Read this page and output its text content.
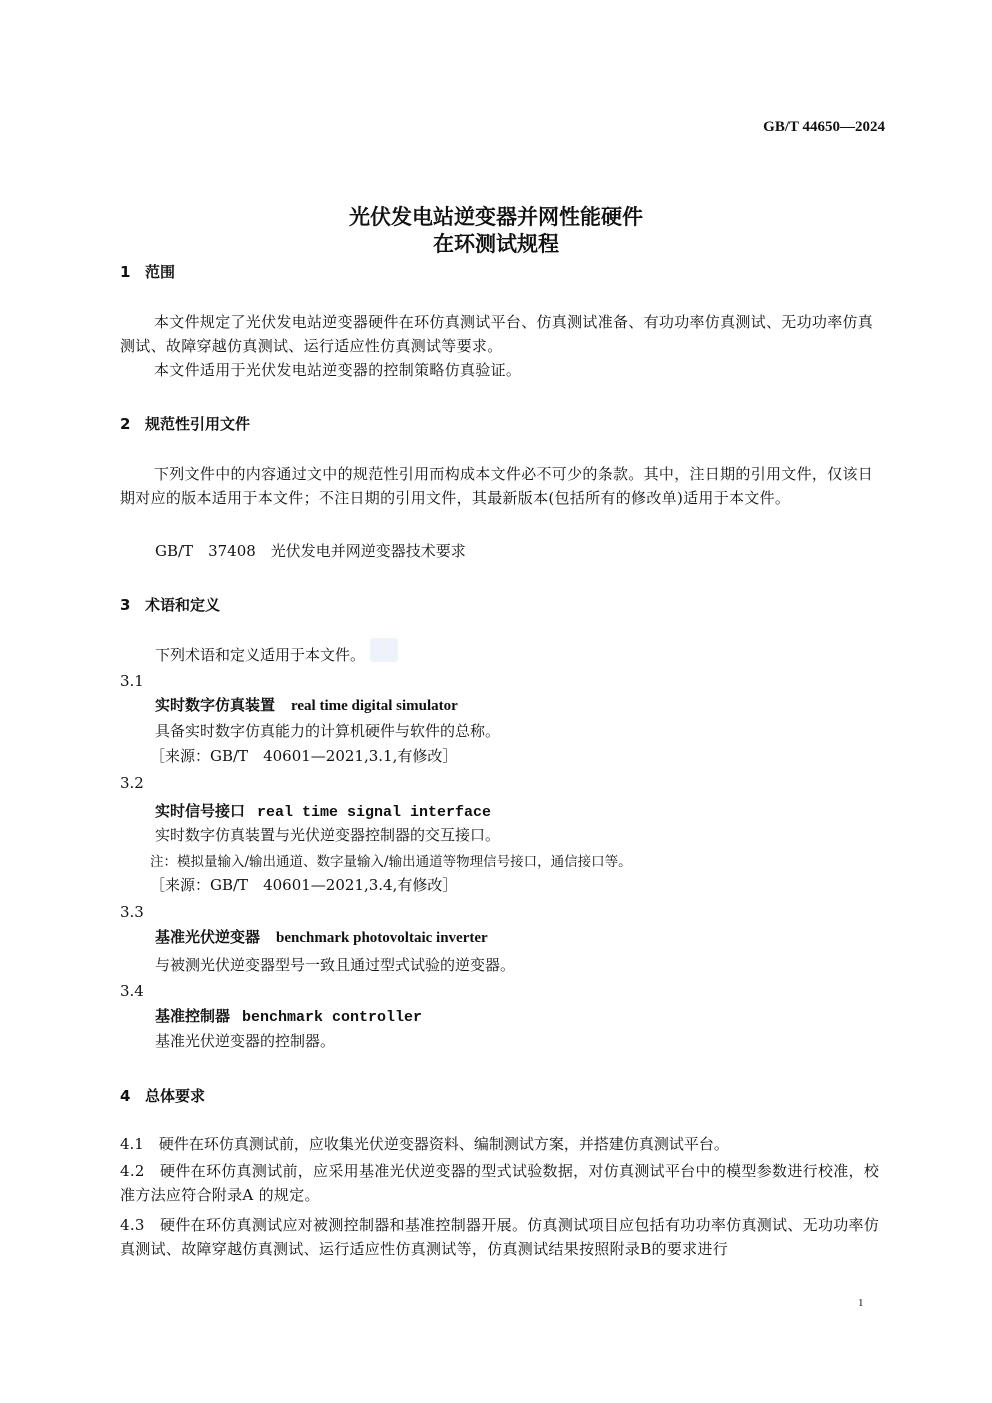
GB/T 44650—2024
光伏发电站逆变器并网性能硬件
在环测试规程
1 范围
本文件规定了光伏发电站逆变器硬件在环仿真测试平台、仿真测试准备、有功功率仿真测试、无功功率仿真测试、故障穿越仿真测试、运行适应性仿真测试等要求。
本文件适用于光伏发电站逆变器的控制策略仿真验证。
2 规范性引用文件
下列文件中的内容通过文中的规范性引用而构成本文件必不可少的条款。其中，注日期的引用文件，仅该日期对应的版本适用于本文件；不注日期的引用文件，其最新版本(包括所有的修改单)适用于本文件。
GB/T　37408　光伏发电并网逆变器技术要求
3 术语和定义
下列术语和定义适用于本文件。
3.1
实时数字仿真装置 real time digital simulator
具备实时数字仿真能力的计算机硬件与软件的总称。
［来源：GB/T　40601—2021,3.1,有修改］
3.2
实时信号接口 real time signal interface
实时数字仿真装置与光伏逆变器控制器的交互接口。
注：模拟量输入/输出通道、数字量输入/输出通道等物理信号接口，通信接口等。
［来源：GB/T　40601—2021,3.4,有修改］
3.3
基准光伏逆变器 benchmark photovoltaic inverter
与被测光伏逆变器型号一致且通过型式试验的逆变器。
3.4
基准控制器 benchmark controller
基准光伏逆变器的控制器。
4 总体要求
4.1　硬件在环仿真测试前，应收集光伏逆变器资料、编制测试方案，并搭建仿真测试平台。
4.2　硬件在环仿真测试前，应采用基准光伏逆变器的型式试验数据，对仿真测试平台中的模型参数进行校准，校准方法应符合附录A 的规定。
4.3　硬件在环仿真测试应对被测控制器和基准控制器开展。仿真测试项目应包括有功功率仿真测试、无功功率仿真测试、故障穿越仿真测试、运行适应性仿真测试等，仿真测试结果按照附录B的要求进行
1
